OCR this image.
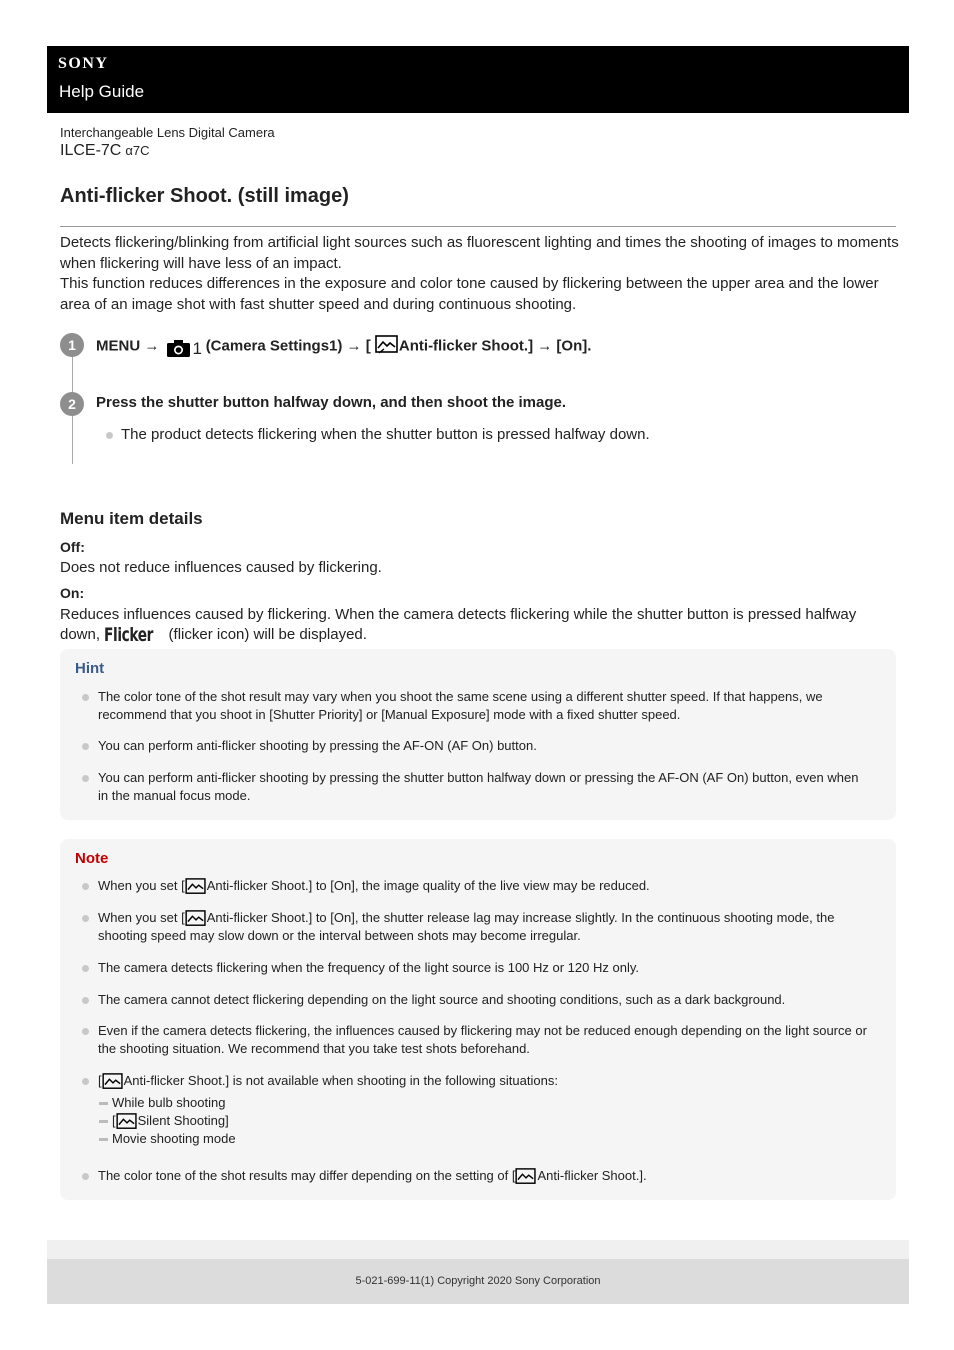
SONY
Help Guide
Interchangeable Lens Digital Camera
ILCE-7C α7C
Anti-flicker Shoot. (still image)

Detects flickering/blinking from artificial light sources such as fluorescent lighting and times the shooting of images to moments when flickering will have less of an impact.

This function reduces differences in the exposure and color tone caused by flickering between the upper area and the lower area of an image shot with fast shutter speed and during continuous shooting.

1	MENU → 1 (Camera Settings1) → [ Anti-flicker Shoot.] → [On].
2	Press the shutter button halfway down, and then shoot the image.
The product detects flickering when the shutter button is pressed halfway down.
Menu item details
Off:
Does not reduce influences caused by flickering.
On:
Reduces influences caused by flickering. When the camera detects flickering while the shutter button is pressed halfway
down, Flicker (flicker icon) will be displayed.
Hint
The color tone of the shot result may vary when you shoot the same scene using a different shutter speed. If that happens, we recommend that you shoot in [Shutter Priority] or [Manual Exposure] mode with a fixed shutter speed.
You can perform anti-flicker shooting by pressing the AF-ON (AF On) button.
You can perform anti-flicker shooting by pressing the shutter button halfway down or pressing the AF-ON (AF On) button, even when in the manual focus mode.
Note
When you set [ Anti-flicker Shoot.] to [On], the image quality of the live view may be reduced.
When you set [ Anti-flicker Shoot.] to [On], the shutter release lag may increase slightly. In the continuous shooting mode, the shooting speed may slow down or the interval between shots may become irregular.
The camera detects flickering when the frequency of the light source is 100 Hz or 120 Hz only.
The camera cannot detect flickering depending on the light source and shooting conditions, such as a dark background.
Even if the camera detects flickering, the influences caused by flickering may not be reduced enough depending on the light source or the shooting situation. We recommend that you take test shots beforehand.
[ Anti-flicker Shoot.] is not available when shooting in the following situations:
While bulb shooting
[ Silent Shooting]
Movie shooting mode
The color tone of the shot results may differ depending on the setting of [ Anti-flicker Shoot.].
5-021-699-11(1) Copyright 2020 Sony Corporation
